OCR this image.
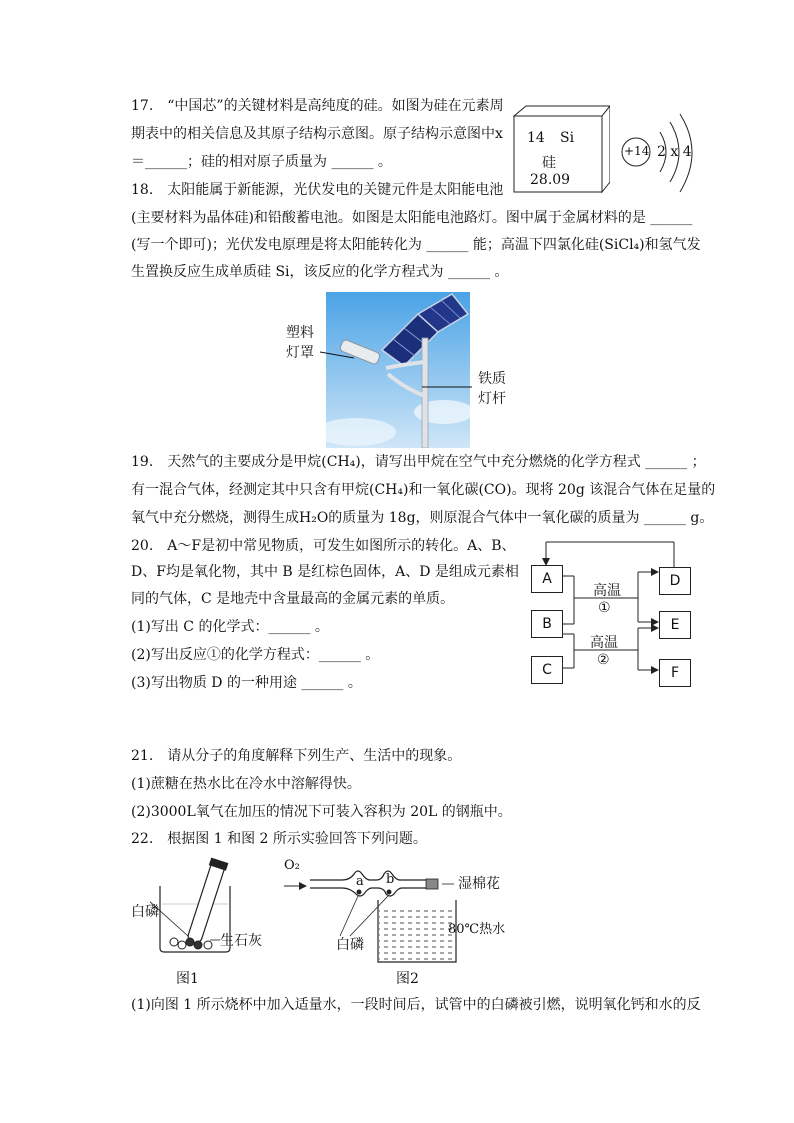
17.　“中国芯”的关键材料是高纯度的硅。如图为硅在元素周
期表中的相关信息及其原子结构示意图。原子结构示意图中x
＝______；硅的相对原子质量为 ______ 。
14 Si
硅
28.09
+14 2 x 4
18.　太阳能属于新能源，光伏发电的关键元件是太阳能电池
(主要材料为晶体硅)和铅酸蓄电池。如图是太阳能电池路灯。图中属于金属材料的是 ______
(写一个即可)；光伏发电原理是将太阳能转化为 ______ 能；高温下四氯化硅(SiCl₄)和氢气发
生置换反应生成单质硅 Si，该反应的化学方程式为 ______ 。
塑料
灯罩
铁质
灯杆
19.　天然气的主要成分是甲烷(CH₄)，请写出甲烷在空气中充分燃烧的化学方程式 ______ ；
有一混合气体，经测定其中只含有甲烷(CH₄)和一氧化碳(CO)。现将 20g 该混合气体在足量的
氧气中充分燃烧，测得生成H₂O的质量为 18g，则原混合气体中一氧化碳的质量为 ______ g。
20.　A～F是初中常见物质，可发生如图所示的转化。A、B、
D、F均是氧化物，其中 B 是红棕色固体，A、D 是组成元素相
同的气体，C 是地壳中含量最高的金属元素的单质。
(1)写出 C 的化学式：______ 。
(2)写出反应①的化学方程式：______ 。
(3)写出物质 D 的一种用途 ______ 。
A
B
C
D
E
F
高温
①
高温
②
21.　请从分子的角度解释下列生产、生活中的现象。
(1)蔗糖在热水比在冷水中溶解得快。
(2)3000L氧气在加压的情况下可装入容积为 20L 的钢瓶中。
22.　根据图 1 和图 2 所示实验回答下列问题。
白磷
生石灰
图1
O₂
a b	湿棉花
白磷
80℃热水
图2
(1)向图 1 所示烧杯中加入适量水，一段时间后，试管中的白磷被引燃，说明氧化钙和水的反
